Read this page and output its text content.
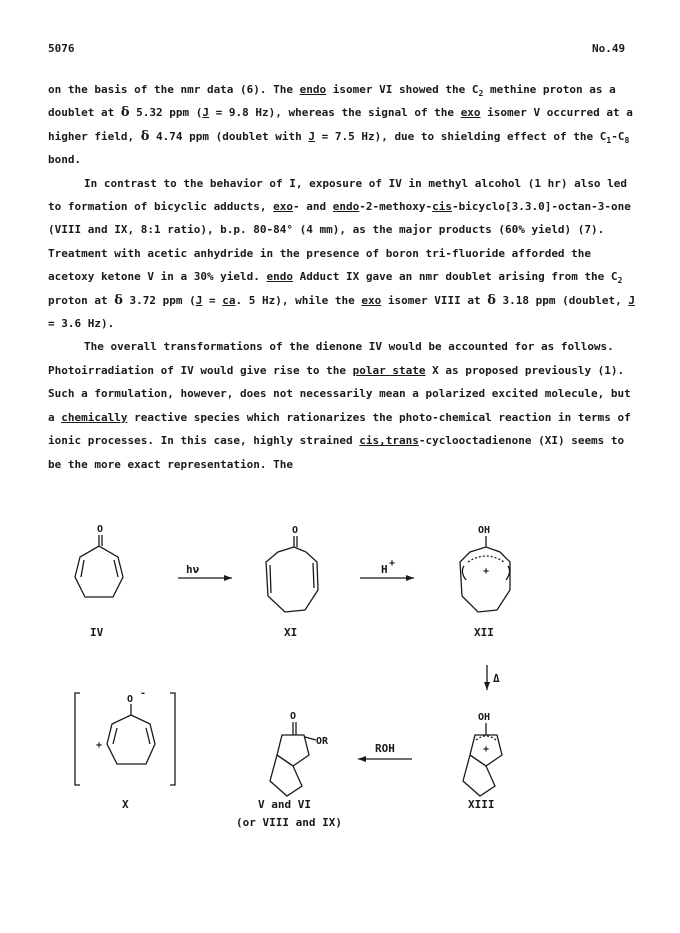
5076	No.49

on the basis of the nmr data (6). The endo isomer VI showed the $C_2$ methine proton as a doublet at δ 5.32 ppm (J = 9.8 Hz), whereas the signal of the exo isomer V occurred at a higher field, δ 4.74 ppm (doublet with J = 7.5 Hz), due to shielding effect of the $C_1-C_8$ bond.

In contrast to the behavior of I, exposure of IV in methyl alcohol (1 hr) also led to formation of bicyclic adducts, exo- and endo-2-methoxy-cis-bicyclo[3.3.0]-octan-3-one (VIII and IX, 8:1 ratio), b.p. 80-84° (4 mm), as the major products (60% yield) (7). Treatment with acetic anhydride in the presence of boron tri-fluoride afforded the acetoxy ketone V in a 30% yield. endo Adduct IX gave an nmr doublet arising from the $C_2$ proton at δ 3.72 ppm (J = ca. 5 Hz), while the exo isomer VIII at δ 3.18 ppm (doublet, J = 3.6 Hz).

The overall transformations of the dienone IV would be accounted for as follows. Photoirradiation of IV would give rise to the polar state X as proposed previously (1). Such a formulation, however, does not necessarily mean a polarized excited molecule, but a chemically reactive species which rationarizes the photo-chemical reaction in terms of ionic processes. In this case, highly strained cis,trans-cyclooctadienone (XI) seems to be the more exact representation. The

O	O	OH
+
O
-
+
O
OR
OH
+
hν	H +
Δ
ROH
IV	XI	XII
X	V and VI
(or VIII and IX)
XIII
